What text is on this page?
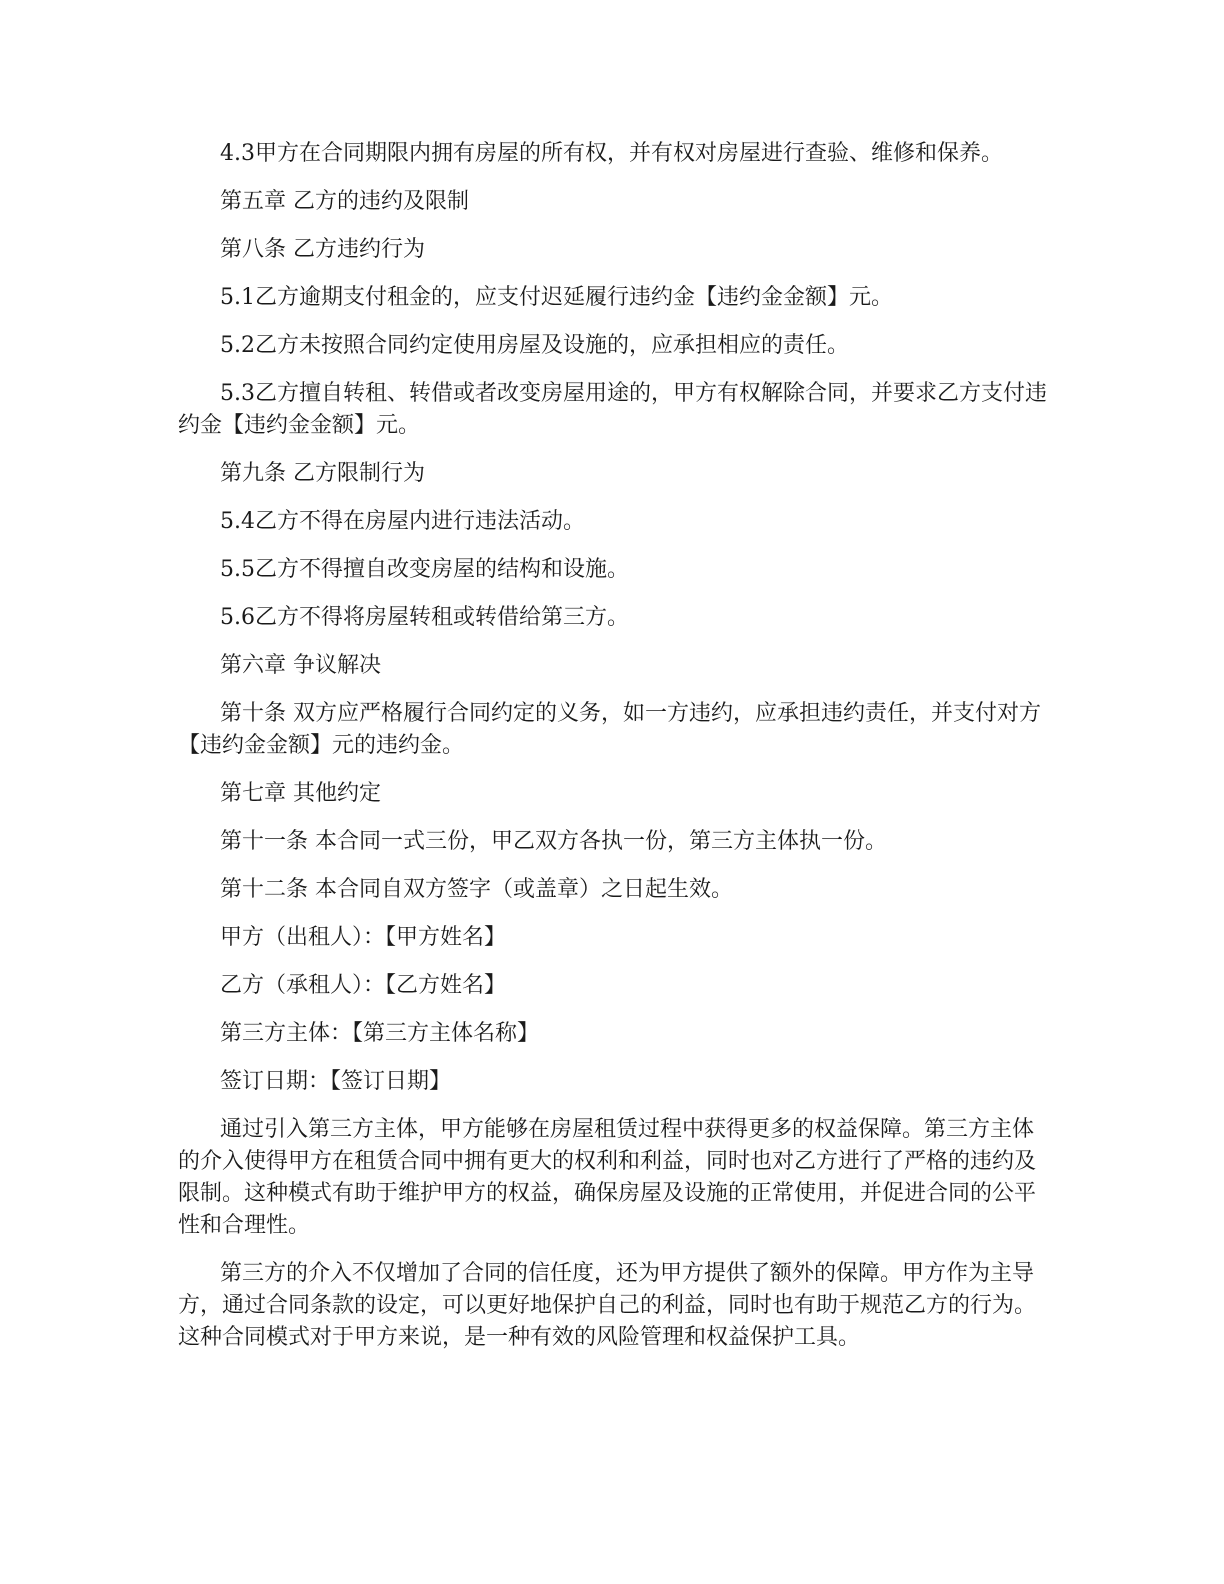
4.3甲方在合同期限内拥有房屋的所有权，并有权对房屋进行查验、维修和保养。

第五章 乙方的违约及限制

第八条 乙方违约行为

5.1乙方逾期支付租金的，应支付迟延履行违约金【违约金金额】元。

5.2乙方未按照合同约定使用房屋及设施的，应承担相应的责任。

5.3乙方擅自转租、转借或者改变房屋用途的，甲方有权解除合同，并要求乙方支付违约金【违约金金额】元。

第九条 乙方限制行为

5.4乙方不得在房屋内进行违法活动。

5.5乙方不得擅自改变房屋的结构和设施。

5.6乙方不得将房屋转租或转借给第三方。

第六章 争议解决

第十条 双方应严格履行合同约定的义务，如一方违约，应承担违约责任，并支付对方【违约金金额】元的违约金。

第七章 其他约定

第十一条 本合同一式三份，甲乙双方各执一份，第三方主体执一份。

第十二条 本合同自双方签字（或盖章）之日起生效。

甲方（出租人）：【甲方姓名】

乙方（承租人）：【乙方姓名】

第三方主体：【第三方主体名称】

签订日期：【签订日期】

通过引入第三方主体，甲方能够在房屋租赁过程中获得更多的权益保障。第三方主体的介入使得甲方在租赁合同中拥有更大的权利和利益，同时也对乙方进行了严格的违约及限制。这种模式有助于维护甲方的权益，确保房屋及设施的正常使用，并促进合同的公平性和合理性。

第三方的介入不仅增加了合同的信任度，还为甲方提供了额外的保障。甲方作为主导方，通过合同条款的设定，可以更好地保护自己的利益，同时也有助于规范乙方的行为。这种合同模式对于甲方来说，是一种有效的风险管理和权益保护工具。
